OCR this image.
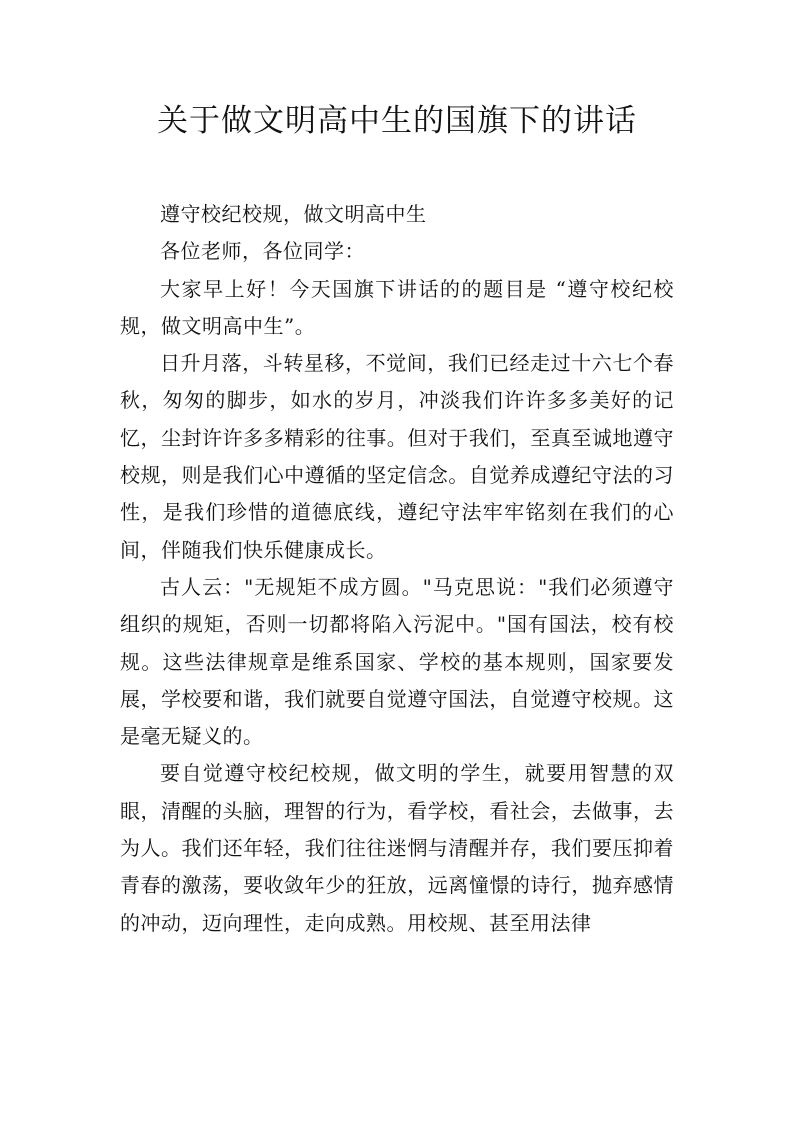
关于做文明高中生的国旗下的讲话

遵守校纪校规，做文明高中生

各位老师，各位同学：

大家早上好！今天国旗下讲话的的题目是 “遵守校纪校规，做文明高中生”。

日升月落，斗转星移，不觉间，我们已经走过十六七个春秋，匆匆的脚步，如水的岁月，冲淡我们许许多多美好的记忆，尘封许许多多精彩的往事。但对于我们，至真至诚地遵守校规，则是我们心中遵循的坚定信念。自觉养成遵纪守法的习性，是我们珍惜的道德底线，遵纪守法牢牢铭刻在我们的心间，伴随我们快乐健康成长。

古人云："无规矩不成方圆。"马克思说："我们必须遵守组织的规矩，否则一切都将陷入污泥中。"国有国法，校有校规。这些法律规章是维系国家、学校的基本规则，国家要发展，学校要和谐，我们就要自觉遵守国法，自觉遵守校规。这是毫无疑义的。

要自觉遵守校纪校规，做文明的学生，就要用智慧的双眼，清醒的头脑，理智的行为，看学校，看社会，去做事，去为人。我们还年轻，我们往往迷惘与清醒并存，我们要压抑着青春的激荡，要收敛年少的狂放，远离憧憬的诗行，抛弃感情的冲动，迈向理性，走向成熟。用校规、甚至用法律
